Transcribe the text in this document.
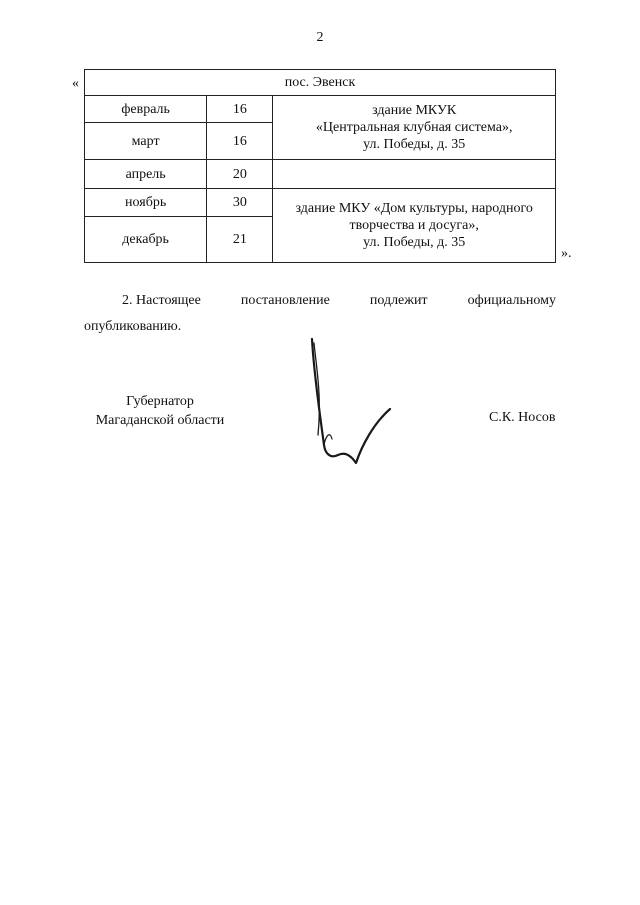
2
«	пос. Эвенск		
февраль	16	здание МКУК
«Центральная клубная система»,
ул. Победы, д. 35

март	16	
апрель	20	
ноябрь	30	здание МКУ «Дом культуры, народного
творчества и досуга»,
ул. Победы, д. 35

декабрь	21	
».
2. Настоящее	постановление	подлежит	официальному
опубликованию.
Губернатор
Магаданской области	С.К. Носов
